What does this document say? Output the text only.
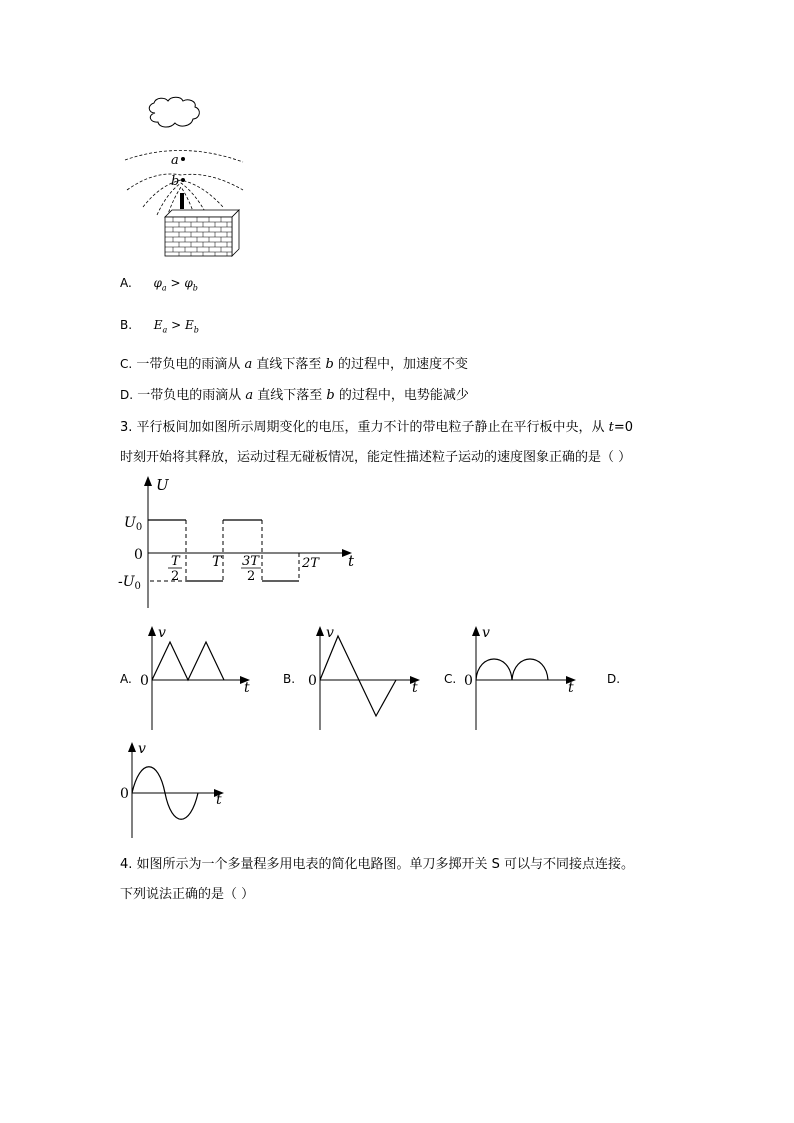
a
b
A. $\varphi_a > \varphi_b$
B. $E_a > E_b$
C. 一带负电的雨滴从 a 直线下落至 b 的过程中，加速度不变
D. 一带负电的雨滴从 a 直线下落至 b 的过程中，电势能减少
3. 平行板间加如图所示周期变化的电压，重力不计的带电粒子静止在平行板中央，从 t=0
时刻开始将其释放，运动过程无碰板情况，能定性描述粒子运动的速度图象正确的是（ ）
U
t
$U_0$
0
$-U_0$
T
2
T 3T
2
2T
A.
v
t
0	B.
v
t
0	C.
v
t
0	D.
v
t
0
4. 如图所示为一个多量程多用电表的简化电路图。单刀多掷开关 S 可以与不同接点连接。
下列说法正确的是（ ）
